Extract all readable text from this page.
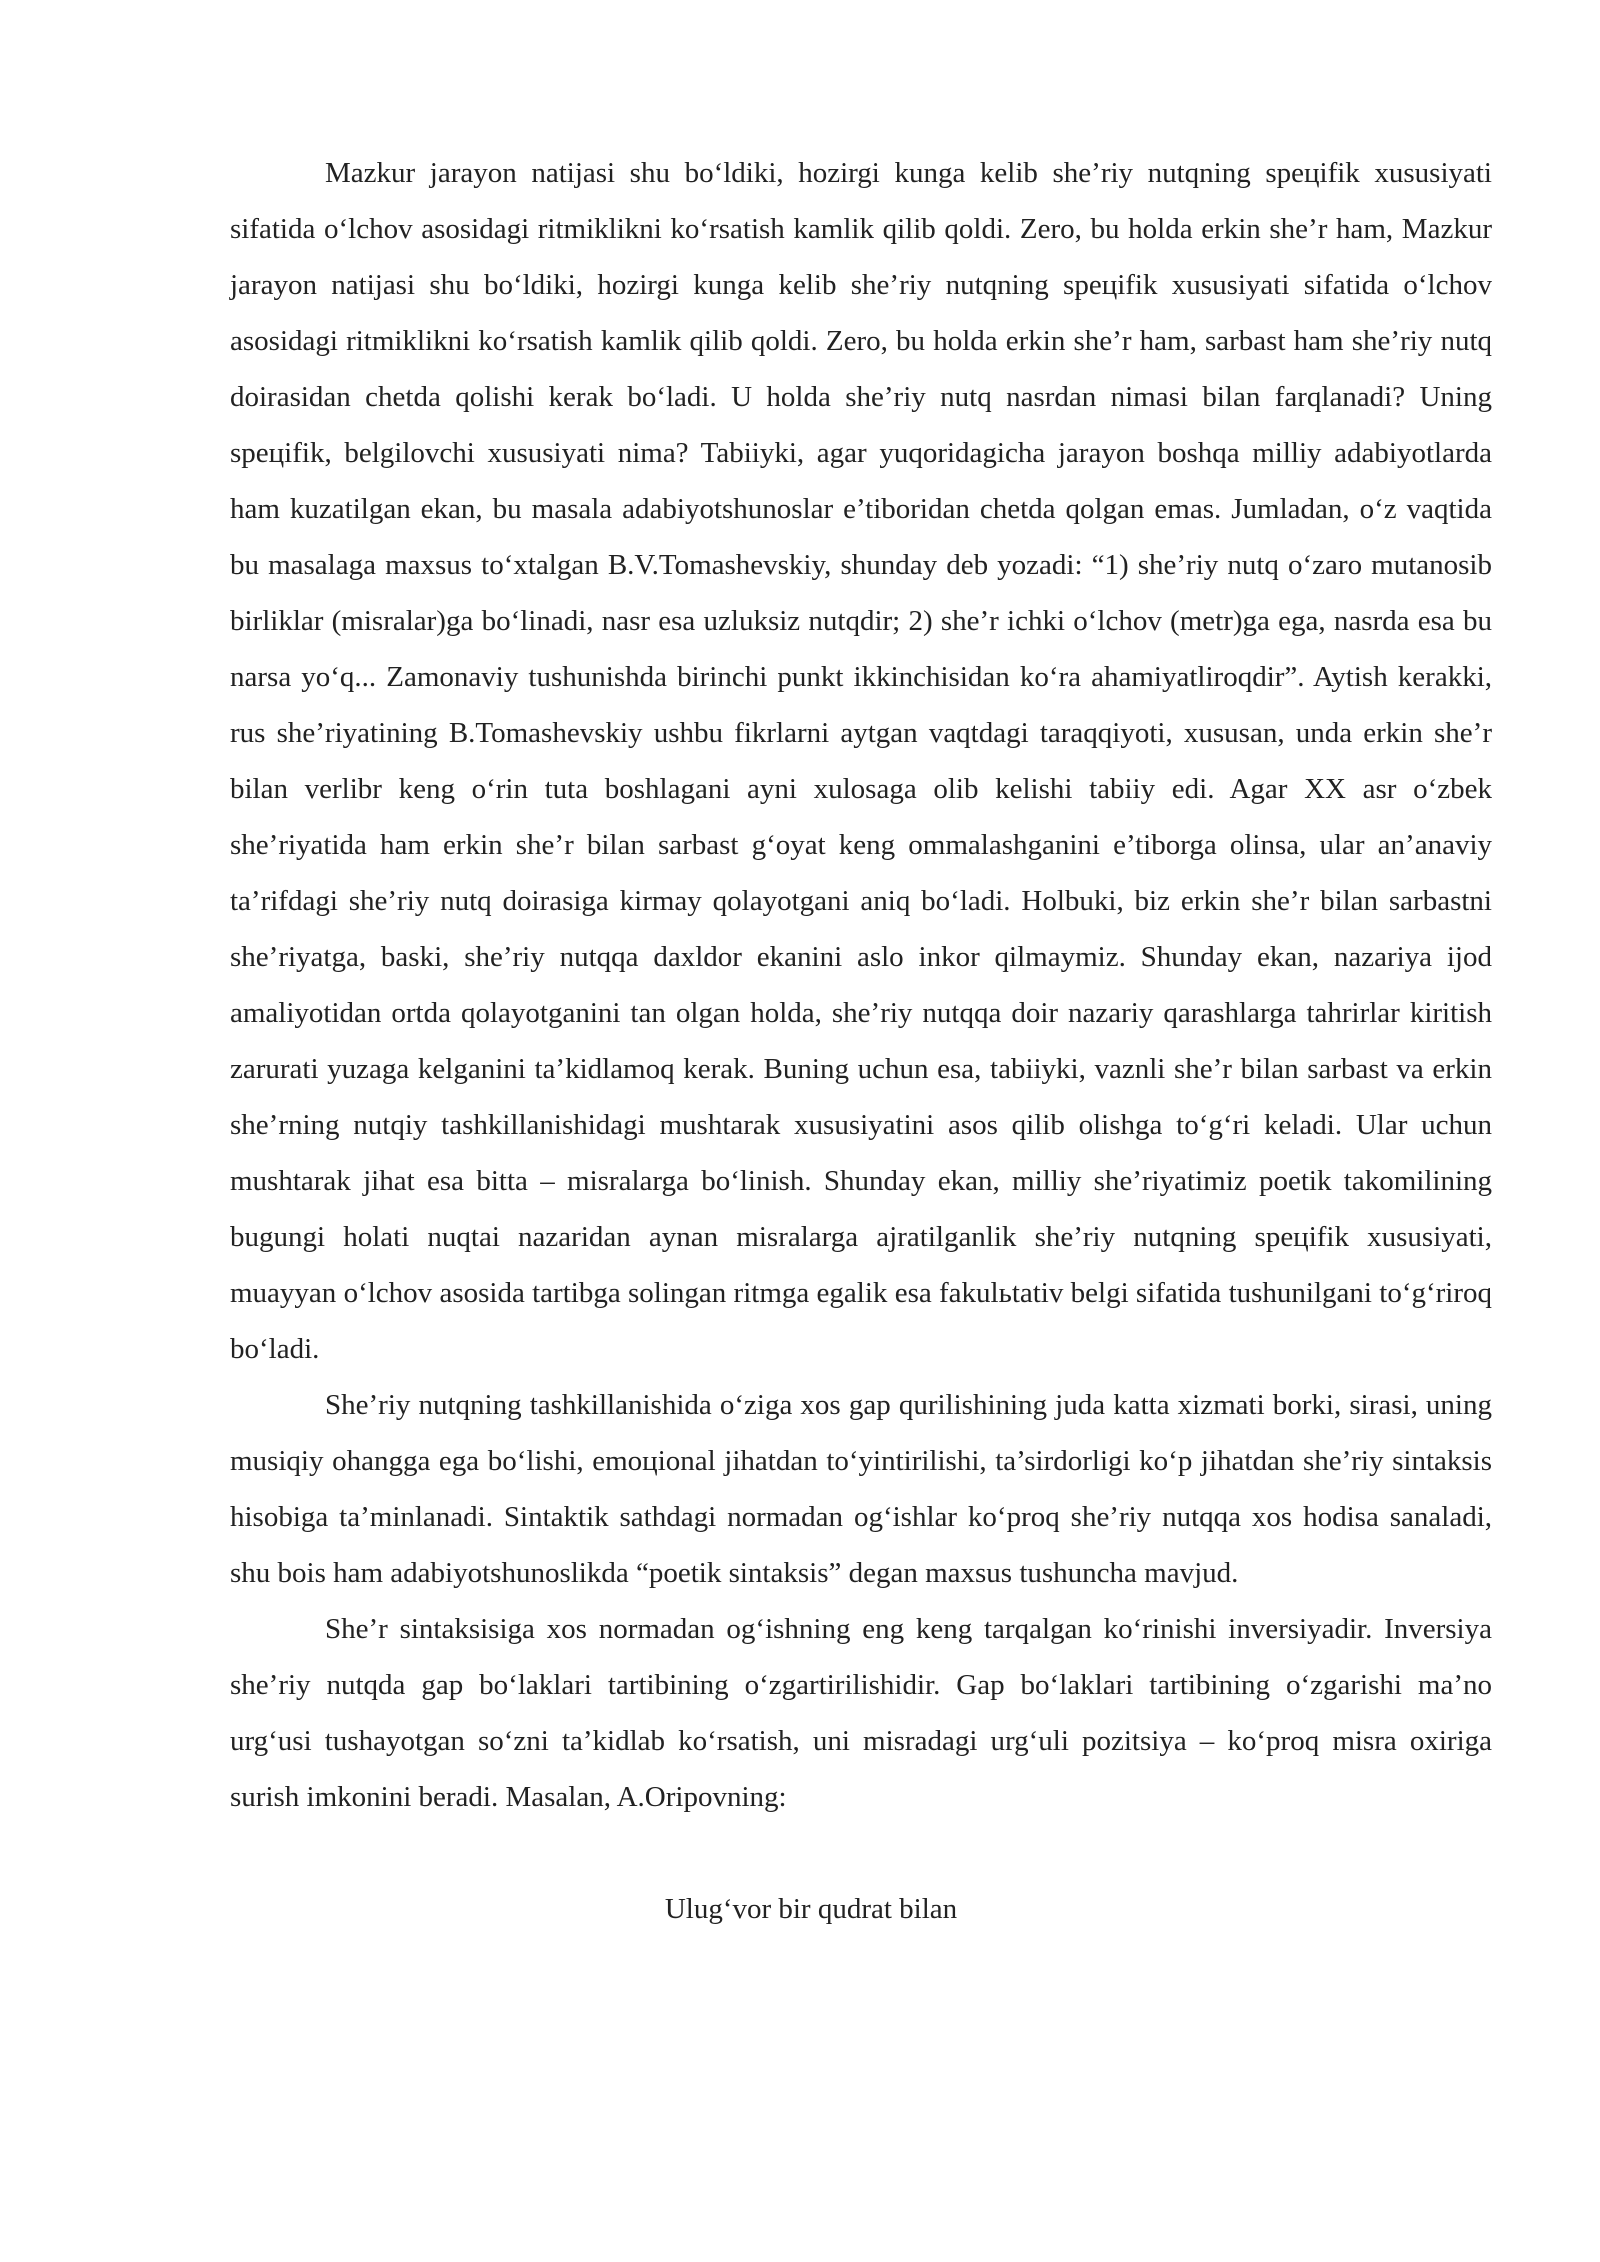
Mazkur jarayon natijasi shu bo‘ldiki, hozirgi kunga kelib she’riy nutqning speцifik xususiyati sifatida o‘lchov asosidagi ritmiklikni ko‘rsatish kamlik qilib qoldi. Zero, bu holda erkin she’r ham, Mazkur jarayon natijasi shu bo‘ldiki, hozirgi kunga kelib she’riy nutqning speцifik xususiyati sifatida o‘lchov asosidagi ritmiklikni ko‘rsatish kamlik qilib qoldi. Zero, bu holda erkin she’r ham, sarbast ham she’riy nutq doirasidan chetda qolishi kerak bo‘ladi. U holda she’riy nutq nasrdan nimasi bilan farqlanadi? Uning speцifik, belgilovchi xususiyati nima? Tabiiyki, agar yuqoridagicha jarayon boshqa milliy adabiyotlarda ham kuzatilgan ekan, bu masala adabiyotshunoslar e’tiboridan chetda qolgan emas. Jumladan, o‘z vaqtida bu masalaga maxsus to‘xtalgan B.V.Tomashevskiy, shunday deb yozadi: “1) she’riy nutq o‘zaro mutanosib birliklar (misralar)ga bo‘linadi, nasr esa uzluksiz nutqdir; 2) she’r ichki o‘lchov (metr)ga ega, nasrda esa bu narsa yo‘q... Zamonaviy tushunishda birinchi punkt ikkinchisidan ko‘ra ahamiyatliroqdir”. Aytish kerakki, rus she’riyatining B.Tomashevskiy ushbu fikrlarni aytgan vaqtdagi taraqqiyoti, xususan, unda erkin she’r bilan verlibr keng o‘rin tuta boshlagani ayni xulosaga olib kelishi tabiiy edi. Agar XX asr o‘zbek she’riyatida ham erkin she’r bilan sarbast g‘oyat keng ommalashganini e’tiborga olinsa, ular an’anaviy ta’rifdagi she’riy nutq doirasiga kirmay qolayotgani aniq bo‘ladi. Holbuki, biz erkin she’r bilan sarbastni she’riyatga, baski, she’riy nutqqa daxldor ekanini aslo inkor qilmaymiz. Shunday ekan, nazariya ijod amaliyotidan ortda qolayotganini tan olgan holda, she’riy nutqqa doir nazariy qarashlarga tahrirlar kiritish zarurati yuzaga kelganini ta’kidlamoq kerak. Buning uchun esa, tabiiyki, vaznli she’r bilan sarbast va erkin she’rning nutqiy tashkillanishidagi mushtarak xususiyatini asos qilib olishga to‘g‘ri keladi. Ular uchun mushtarak jihat esa bitta – misralarga bo‘linish. Shunday ekan, milliy she’riyatimiz poetik takomilining bugungi holati nuqtai nazaridan aynan misralarga ajratilganlik she’riy nutqning speцifik xususiyati, muayyan o‘lchov asosida tartibga solingan ritmga egalik esa fakulьtativ belgi sifatida tushunilgani to‘g‘riroq bo‘ladi.

She’riy nutqning tashkillanishida o‘ziga xos gap qurilishining juda katta xizmati borki, sirasi, uning musiqiy ohangga ega bo‘lishi, emoцional jihatdan to‘yintirilishi, ta’sirdorligi ko‘p jihatdan she’riy sintaksis hisobiga ta’minlanadi. Sintaktik sathdagi normadan og‘ishlar ko‘proq she’riy nutqqa xos hodisa sanaladi, shu bois ham adabiyotshunoslikda “poetik sintaksis” degan maxsus tushuncha mavjud.

She’r sintaksisiga xos normadan og‘ishning eng keng tarqalgan ko‘rinishi inversiyadir. Inversiya she’riy nutqda gap bo‘laklari tartibining o‘zgartirilishidir. Gap bo‘laklari tartibining o‘zgarishi ma’no urg‘usi tushayotgan so‘zni ta’kidlab ko‘rsatish, uni misradagi urg‘uli pozitsiya – ko‘proq misra oxiriga surish imkonini beradi. Masalan, A.Oripovning:

Ulug‘vor bir qudrat bilan
